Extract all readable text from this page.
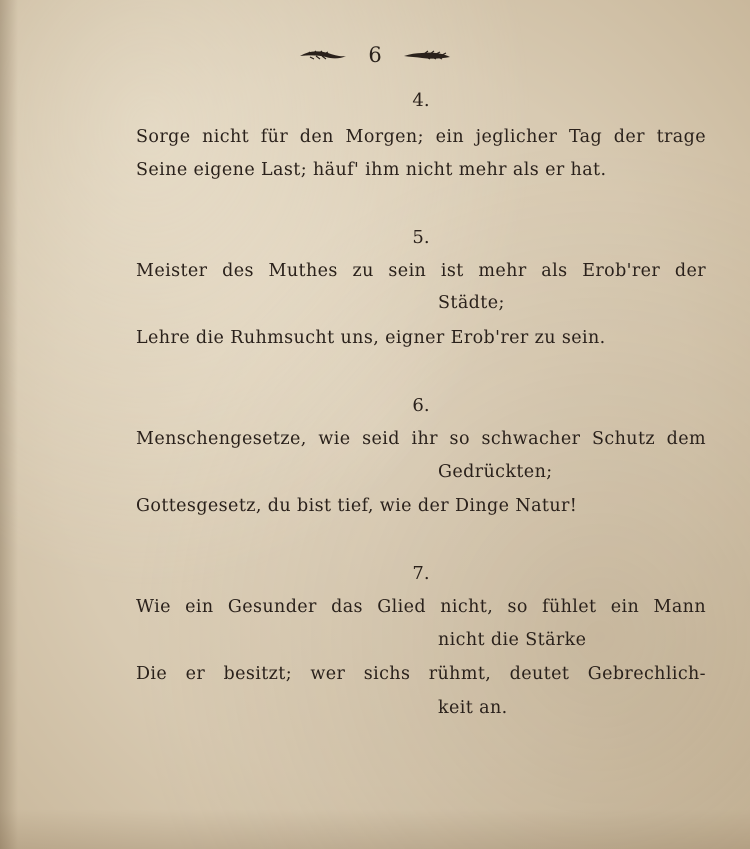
6
4.
Sorge nicht für den Morgen; ein jeglicher Tag der trage
Seine eigene Last; häuf' ihm nicht mehr als er hat.
5.
Meister des Muthes zu sein ist mehr als Erob'rer der
Städte;
Lehre die Ruhmsucht uns, eigner Erob'rer zu sein.
6.
Menschengesetze, wie seid ihr so schwacher Schutz dem
Gedrückten;
Gottesgesetz, du bist tief, wie der Dinge Natur!
7.
Wie ein Gesunder das Glied nicht, so fühlet ein Mann
nicht die Stärke
Die er besitzt; wer sichs rühmt, deutet Gebrechlich-
keit an.
